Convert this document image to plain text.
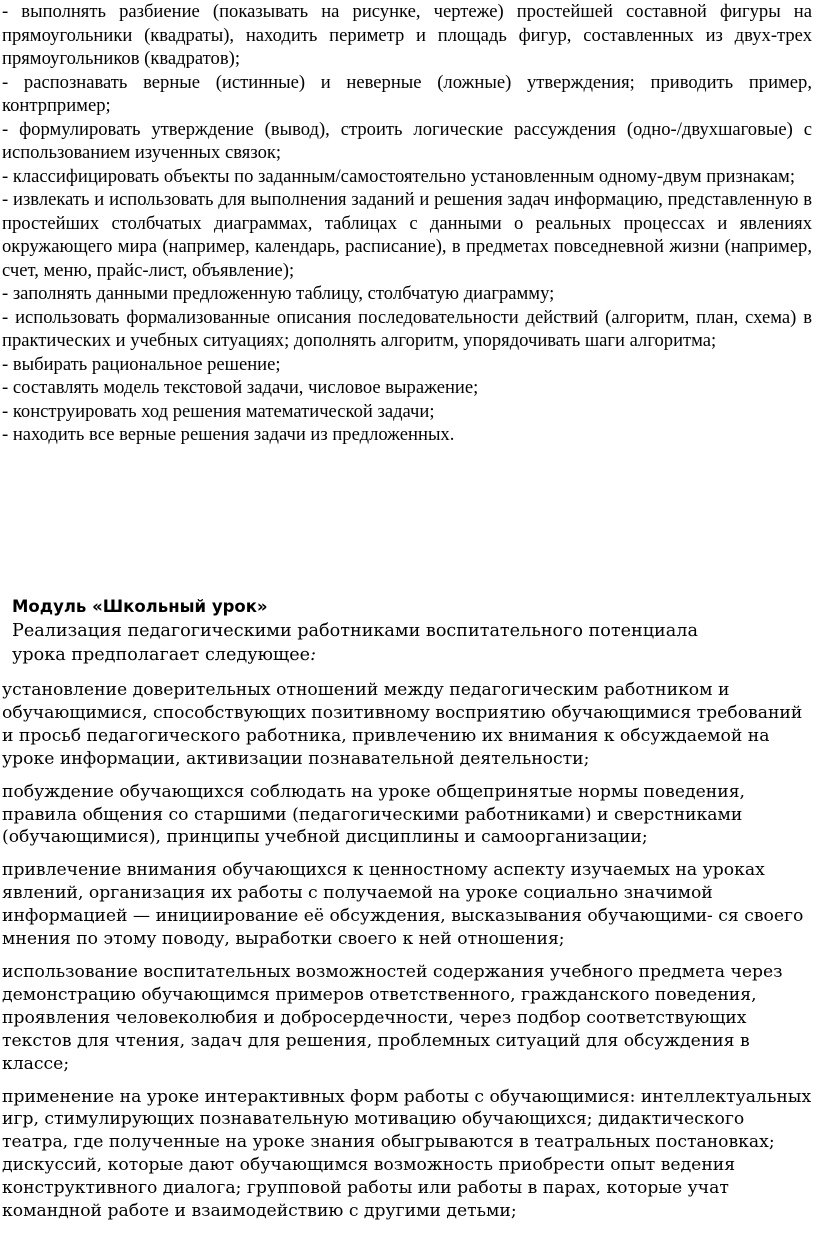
- выполнять разбиение (показывать на рисунке, чертеже) простейшей составной фигуры на прямоугольники (квадраты), находить периметр и площадь фигур, составленных из двух-трех прямоугольников (квадратов);

- распознавать верные (истинные) и неверные (ложные) утверждения; приводить пример, контрпример;

- формулировать утверждение (вывод), строить логические рассуждения (одно-/двухшаговые) с использованием изученных связок;

- классифицировать объекты по заданным/самостоятельно установленным одному-двум признакам;

- извлекать и использовать для выполнения заданий и решения задач информацию, представленную в простейших столбчатых диаграммах, таблицах с данными о реальных процессах и явлениях окружающего мира (например, календарь, расписание), в предметах повседневной жизни (например, счет, меню, прайс-лист, объявление);

- заполнять данными предложенную таблицу, столбчатую диаграмму;

- использовать формализованные описания последовательности действий (алгоритм, план, схема) в практических и учебных ситуациях; дополнять алгоритм, упорядочивать шаги алгоритма;

- выбирать рациональное решение;

- составлять модель текстовой задачи, числовое выражение;

- конструировать ход решения математической задачи;

- находить все верные решения задачи из предложенных.

Модуль «Школьный урок»

Реализация педагогическими работниками воспитательного потенциала урока предполагает следующее:

установление доверительных отношений между педагогическим работником и обучающимися, способствующих позитивному восприятию обучающимися требований и просьб педагогического работника, привлечению их внимания к обсуждаемой на уроке информации, активизации познавательной деятельности;

побуждение обучающихся соблюдать на уроке общепринятые нормы поведения, правила общения со старшими (педагогическими работниками) и сверстниками (обучающимися), принципы учебной дисциплины и самоорганизации;

привлечение внимания обучающихся к ценностному аспекту изучаемых на уроках явлений, организация их работы с получаемой на уроке социально значимой информацией — инициирование её обсуждения, высказывания обучающими- ся своего мнения по этому поводу, выработки своего к ней отношения;

использование воспитательных возможностей содержания учебного предмета через демонстрацию обучающимся примеров ответственного, гражданского поведения, проявления человеколюбия и добросердечности, через подбор соответствующих текстов для чтения, задач для решения, проблемных ситуаций для обсуждения в классе;

применение на уроке интерактивных форм работы с обучающимися: интеллектуальных игр, стимулирующих познавательную мотивацию обучающихся; дидактического театра, где полученные на уроке знания обыгрываются в театральных постановках; дискуссий, которые дают обучающимся возможность приобрести опыт ведения конструктивного диалога; групповой работы или работы в парах, которые учат командной работе и взаимодействию с другими детьми;
